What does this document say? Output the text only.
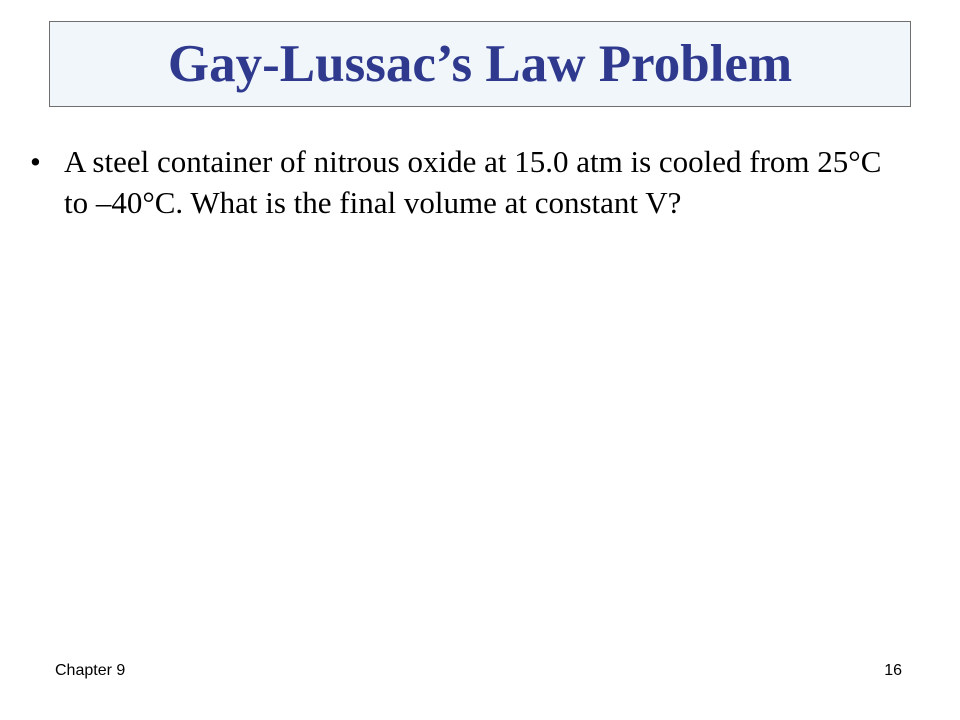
Gay-Lussac’s Law Problem
• A steel container of nitrous oxide at 15.0 atm is cooled from 25°C to –40°C. What is the final volume at constant V?
Chapter 9	16
